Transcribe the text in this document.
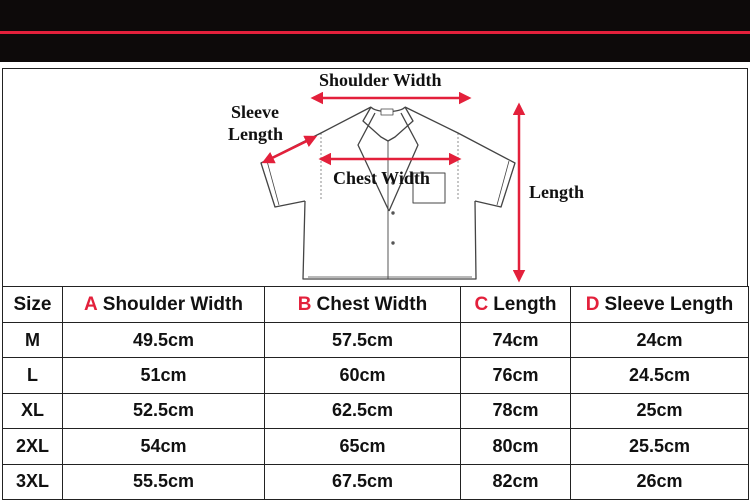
Shoulder Width
Sleeve
Length
Chest Width
Length
Size	A Shoulder Width	B Chest Width	C Length	D Sleeve Length
M	49.5cm	57.5cm	74cm	24cm
L	51cm	60cm	76cm	24.5cm
XL	52.5cm	62.5cm	78cm	25cm
2XL	54cm	65cm	80cm	25.5cm
3XL	55.5cm	67.5cm	82cm	26cm
